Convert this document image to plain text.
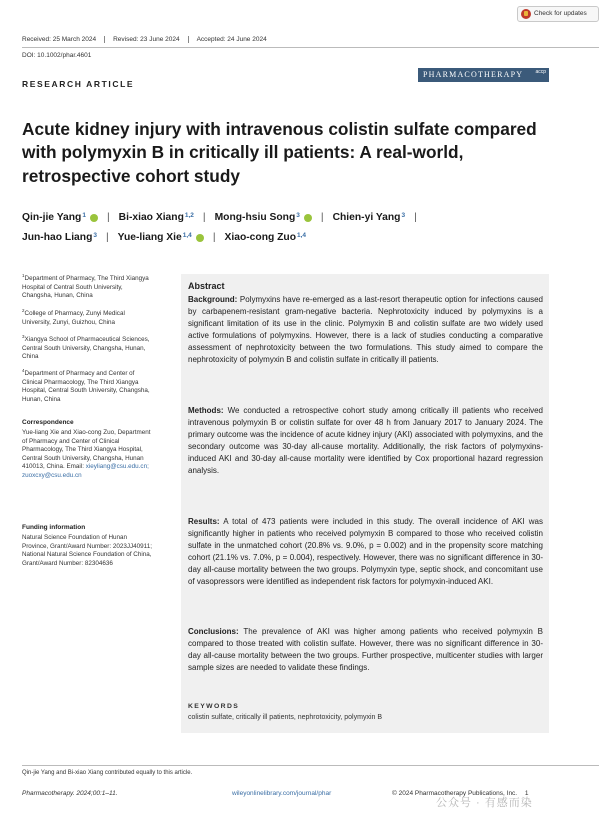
Check for updates
Received: 25 March 2024	Revised: 23 June 2024	Accepted: 24 June 2024
DOI: 10.1002/phar.4601
RESEARCH ARTICLE
PHARMACOTHERAPY accp
Acute kidney injury with intravenous colistin sulfate compared with polymyxin B in critically ill patients: A real-world, retrospective cohort study
Qin-jie Yang$^1$ | Bi-xiao Xiang$^{1,2}$ | Mong-hsiu Song$^3$ | Chien-yi Yang$^3$ |
Jun-hao Liang$^3$ | Yue-liang Xie$^{1,4}$ | Xiao-cong Zuo$^{1,4}$
$^1$Department of Pharmacy, The Third Xiangya Hospital of Central South University, Changsha, Hunan, China
$^2$College of Pharmacy, Zunyi Medical University, Zunyi, Guizhou, China
$^3$Xiangya School of Pharmaceutical Sciences, Central South University, Changsha, Hunan, China
$^4$Department of Pharmacy and Center of Clinical Pharmacology, The Third Xiangya Hospital, Central South University, Changsha, Hunan, China
Correspondence
Yue-liang Xie and Xiao-cong Zuo, Department of Pharmacy and Center of Clinical Pharmacology, The Third Xiangya Hospital, Central South University, Changsha, Hunan 410013, China. Email: xieyliang@csu.edu.cn; zuoxcxy@csu.edu.cn
Funding information
Natural Science Foundation of Hunan Province, Grant/Award Number: 2023JJ40911; National Natural Science Foundation of China, Grant/Award Number: 82304636
Abstract
Background: Polymyxins have re-emerged as a last-resort therapeutic option for infections caused by carbapenem-resistant gram-negative bacteria. Nephrotoxicity induced by polymyxins is a significant limitation of its use in the clinic. Polymyxin B and colistin sulfate are two widely used active formulations of polymyxins. However, there is a lack of studies conducting a comparative assessment of nephrotoxicity between the two formulations. This study aimed to compare the nephrotoxicity of polymyxin B and colistin sulfate in critically ill patients.
Methods: We conducted a retrospective cohort study among critically ill patients who received intravenous polymyxin B or colistin sulfate for over 48 h from January 2017 to January 2024. The primary outcome was the incidence of acute kidney injury (AKI) associated with polymyxins, and the secondary outcome was 30-day all-cause mortality. Additionally, the risk factors of polymyxins-induced AKI and 30-day all-cause mortality were identified by Cox proportional hazard regression analysis.
Results: A total of 473 patients were included in this study. The overall incidence of AKI was significantly higher in patients who received polymyxin B compared to those who received colistin sulfate in the unmatched cohort (20.8% vs. 9.0%, p = 0.002) and in the propensity score matching cohort (21.1% vs. 7.0%, p = 0.004), respectively. However, there was no significant difference in 30-day all-cause mortality between the two groups. Polymyxin type, septic shock, and concomitant use of vasopressors were identified as independent risk factors for polymyxin-induced AKI.
Conclusions: The prevalence of AKI was higher among patients who received polymyxin B compared to those treated with colistin sulfate. However, there was no significant difference in 30-day all-cause mortality between the two groups. Further prospective, multicenter studies with larger sample sizes are needed to validate these findings.
KEYWORDS
colistin sulfate, critically ill patients, nephrotoxicity, polymyxin B
Qin-jie Yang and Bi-xiao Xiang contributed equally to this article.
Pharmacotherapy. 2024;00:1–11.	wileyonlinelibrary.com/journal/phar	© 2024 Pharmacotherapy Publications, Inc. 1
公众号 · 有感而染
